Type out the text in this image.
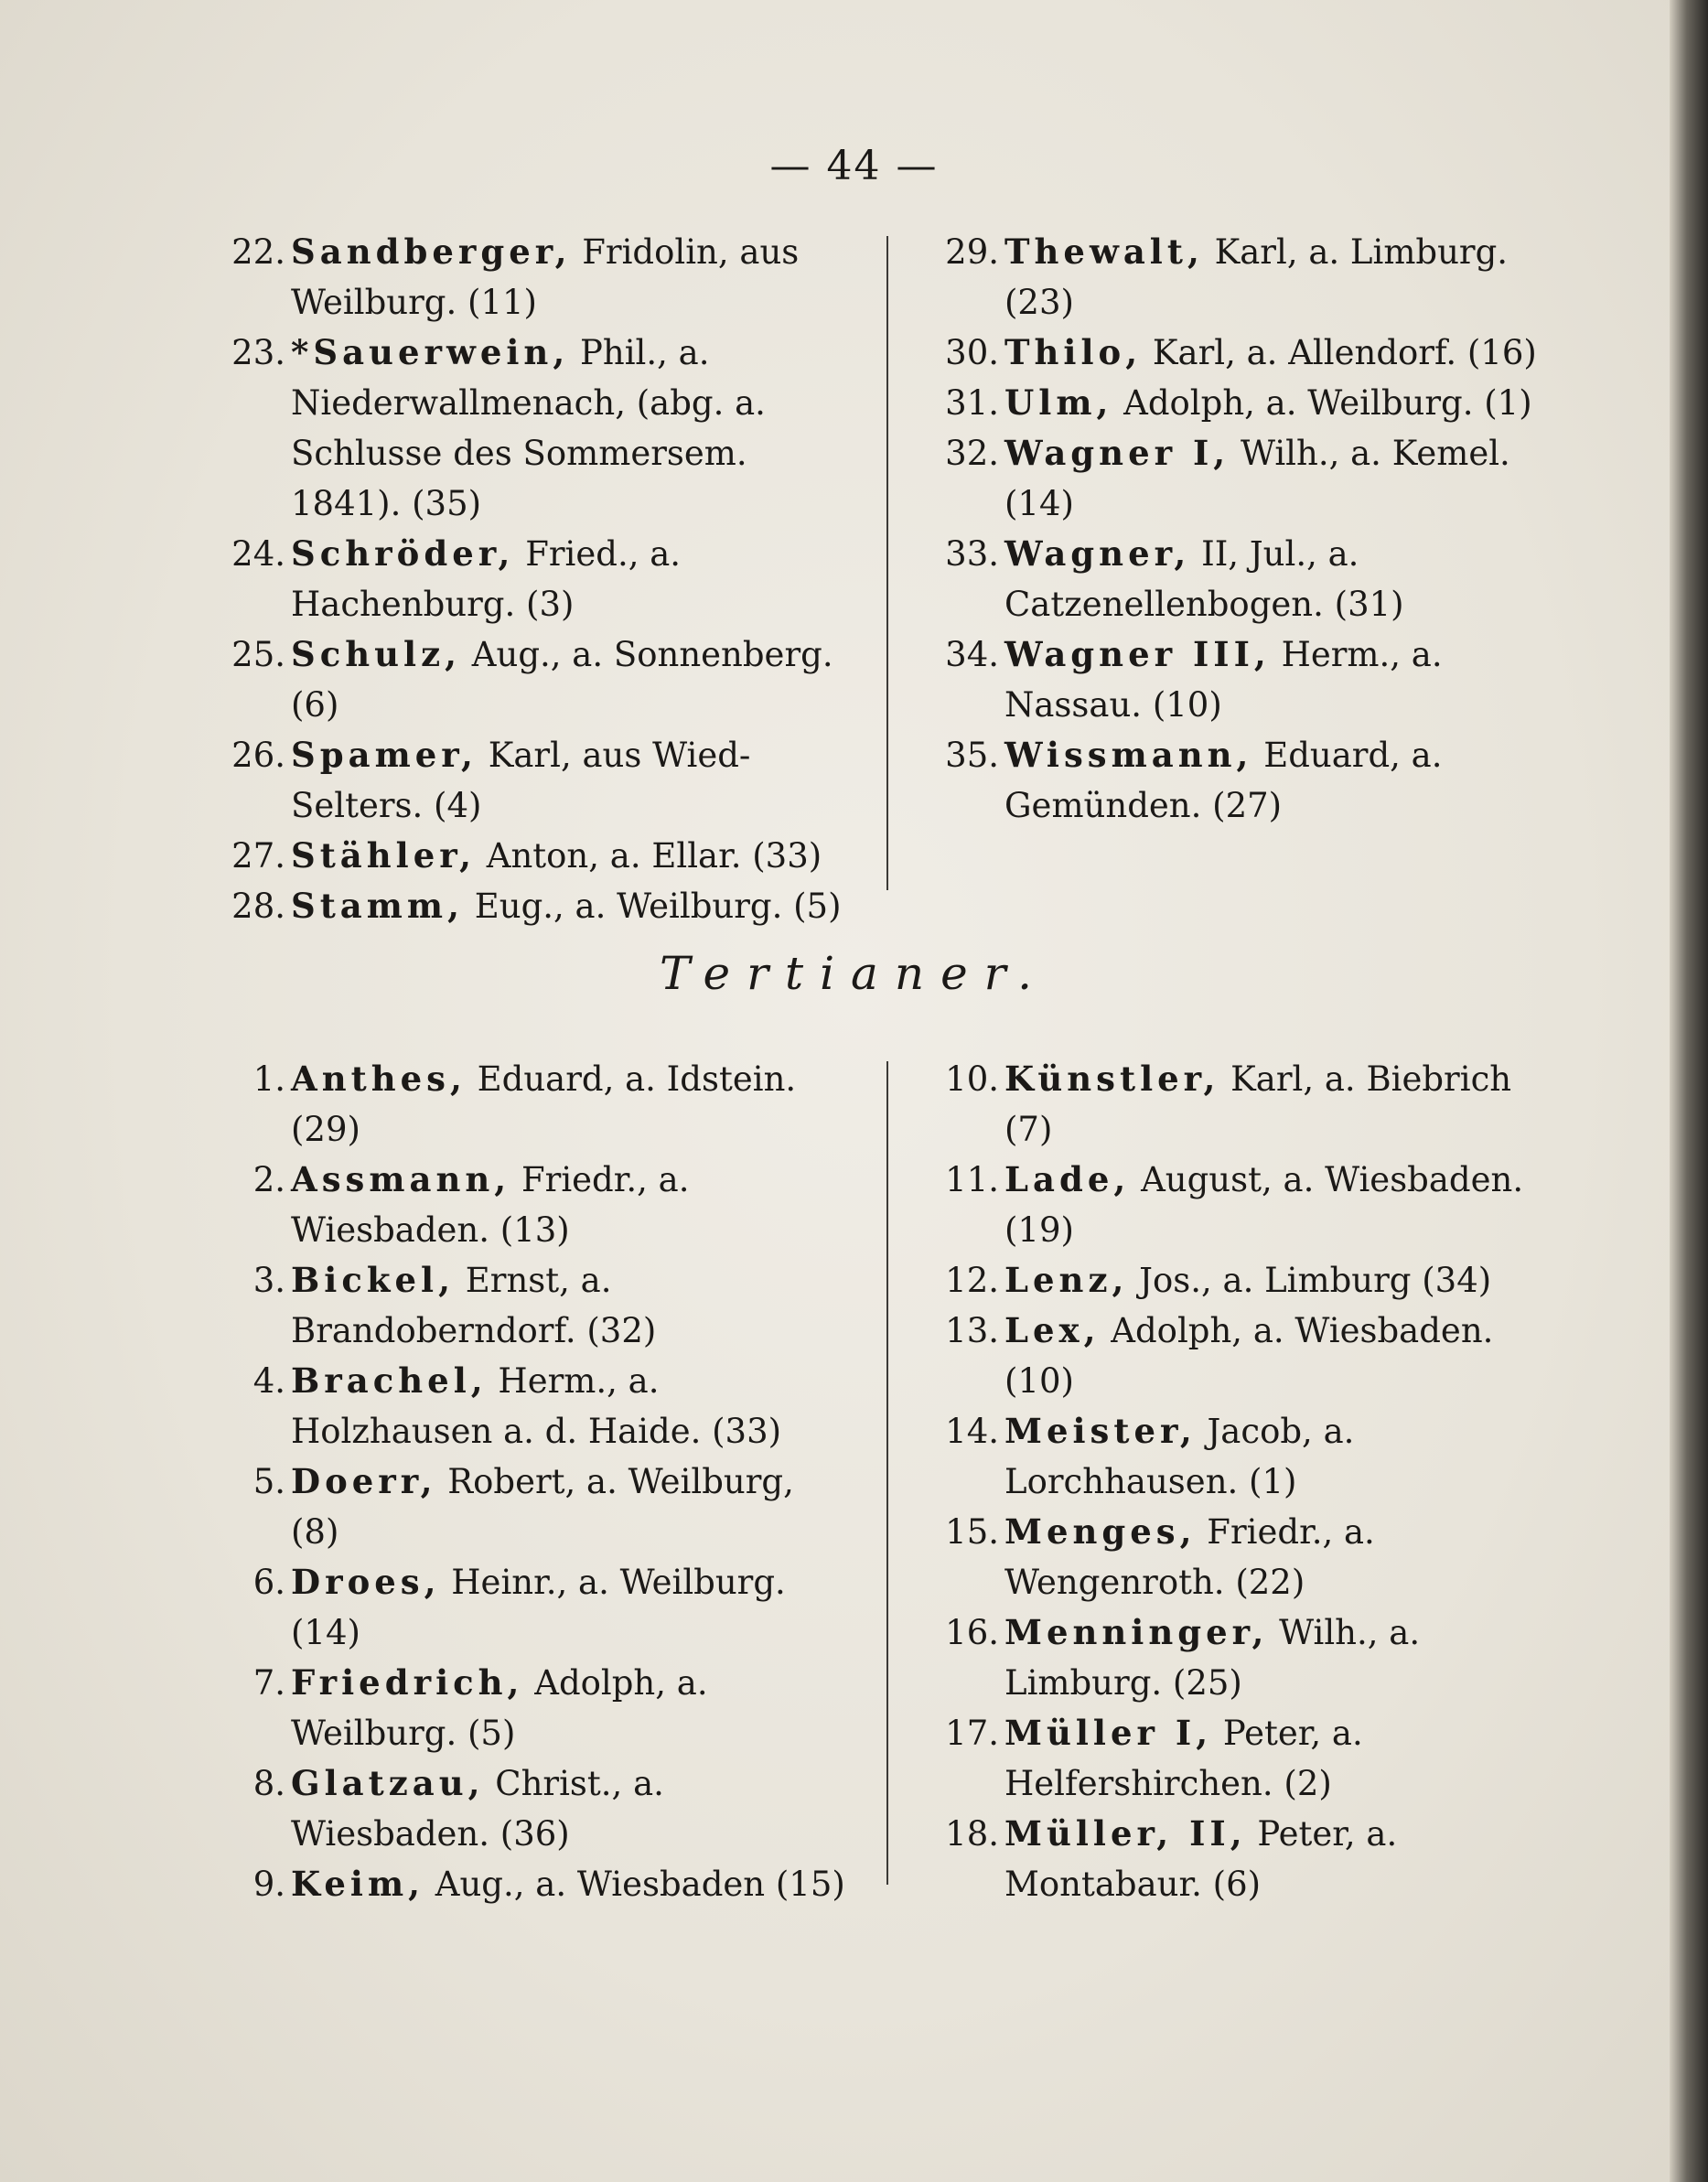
— 44 —
22. Sandberger, Fridolin, aus Weilburg. (11)
23. *Sauerwein, Phil., a. Niederwallmenach, (abg. a. Schlusse des Sommersem. 1841). (35)
24. Schröder, Fried., a. Hachenburg. (3)
25. Schulz, Aug., a. Sonnenberg. (6)
26. Spamer, Karl, aus Wied-Selters. (4)
27. Stähler, Anton, a. Ellar. (33)
28. Stamm, Eug., a. Weilburg. (5)
29. Thewalt, Karl, a. Limburg. (23)
30. Thilo, Karl, a. Allendorf. (16)
31. Ulm, Adolph, a. Weilburg. (1)
32. Wagner I, Wilh., a. Kemel. (14)
33. Wagner, II, Jul., a. Catzenellenbogen. (31)
34. Wagner III, Herm., a. Nassau. (10)
35. Wissmann, Eduard, a. Gemünden. (27)
Tertianer.
1. Anthes, Eduard, a. Idstein. (29)
2. Assmann, Friedr., a. Wiesbaden. (13)
3. Bickel, Ernst, a. Brandoberndorf. (32)
4. Brachel, Herm., a. Holzhausen a. d. Haide. (33)
5. Doerr, Robert, a. Weilburg, (8)
6. Droes, Heinr., a. Weilburg. (14)
7. Friedrich, Adolph, a. Weilburg. (5)
8. Glatzau, Christ., a. Wiesbaden. (36)
9. Keim, Aug., a. Wiesbaden (15)
10. Künstler, Karl, a. Biebrich (7)
11. Lade, August, a. Wiesbaden. (19)
12. Lenz, Jos., a. Limburg (34)
13. Lex, Adolph, a. Wiesbaden. (10)
14. Meister, Jacob, a. Lorchhausen. (1)
15. Menges, Friedr., a. Wengenroth. (22)
16. Menninger, Wilh., a. Limburg. (25)
17. Müller I, Peter, a. Helfershirchen. (2)
18. Müller, II, Peter, a. Montabaur. (6)
